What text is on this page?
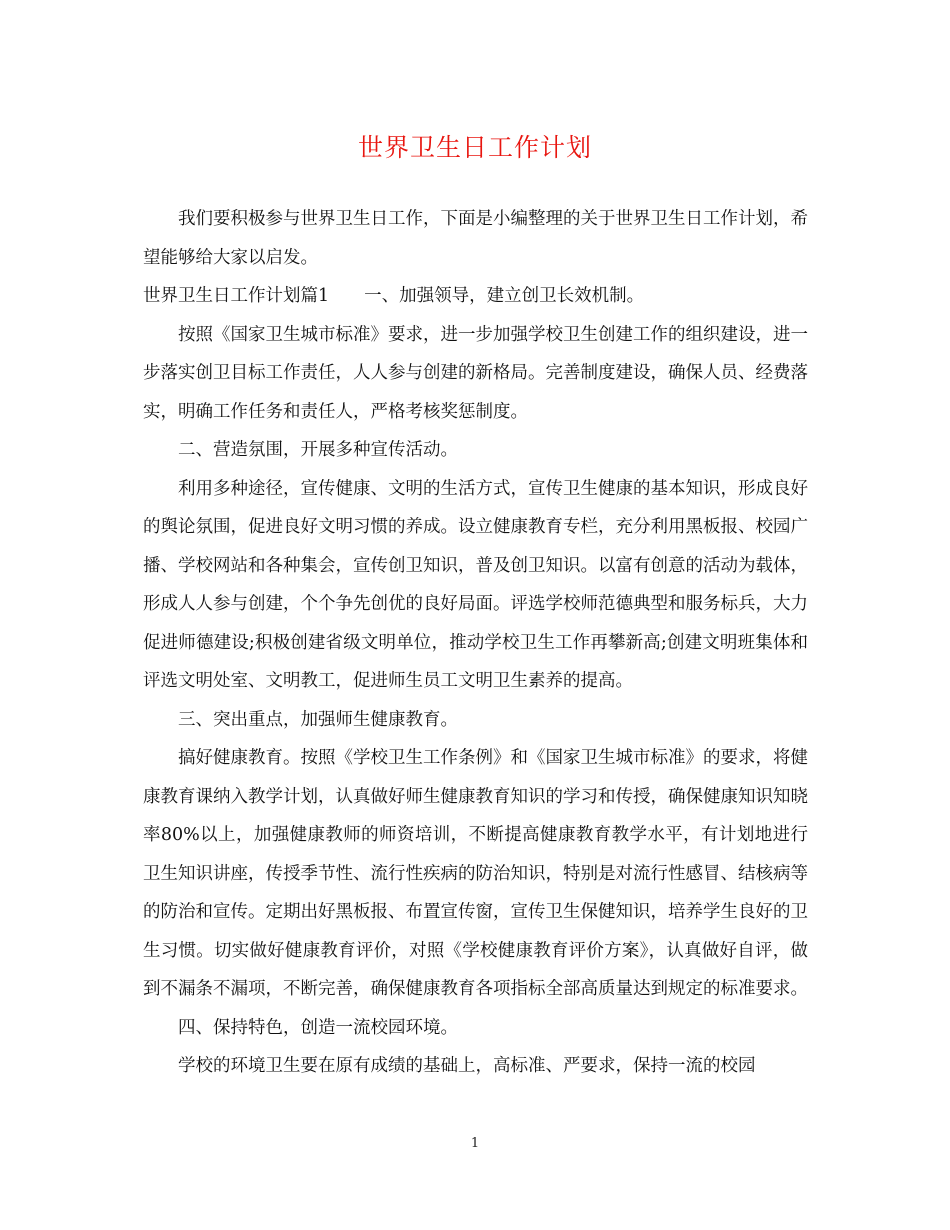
世界卫生日工作计划

我们要积极参与世界卫生日工作，下面是小编整理的关于世界卫生日工作计划，希望能够给大家以启发。

世界卫生日工作计划篇1　　一、加强领导，建立创卫长效机制。

按照《国家卫生城市标准》要求，进一步加强学校卫生创建工作的组织建设，进一步落实创卫目标工作责任，人人参与创建的新格局。完善制度建设，确保人员、经费落实，明确工作任务和责任人，严格考核奖惩制度。

二、营造氛围，开展多种宣传活动。

利用多种途径，宣传健康、文明的生活方式，宣传卫生健康的基本知识，形成良好的舆论氛围，促进良好文明习惯的养成。设立健康教育专栏，充分利用黑板报、校园广播、学校网站和各种集会，宣传创卫知识，普及创卫知识。以富有创意的活动为载体，形成人人参与创建，个个争先创优的良好局面。评选学校师范德典型和服务标兵，大力促进师德建设;积极创建省级文明单位，推动学校卫生工作再攀新高;创建文明班集体和评选文明处室、文明教工，促进师生员工文明卫生素养的提高。

三、突出重点，加强师生健康教育。

搞好健康教育。按照《学校卫生工作条例》和《国家卫生城市标准》的要求，将健康教育课纳入教学计划，认真做好师生健康教育知识的学习和传授，确保健康知识知晓率80%以上，加强健康教师的师资培训，不断提高健康教育教学水平，有计划地进行卫生知识讲座，传授季节性、流行性疾病的防治知识，特别是对流行性感冒、结核病等的防治和宣传。定期出好黑板报、布置宣传窗，宣传卫生保健知识，培养学生良好的卫生习惯。切实做好健康教育评价，对照《学校健康教育评价方案》，认真做好自评，做到不漏条不漏项，不断完善，确保健康教育各项指标全部高质量达到规定的标准要求。

四、保持特色，创造一流校园环境。

学校的环境卫生要在原有成绩的基础上，高标准、严要求，保持一流的校园

1
